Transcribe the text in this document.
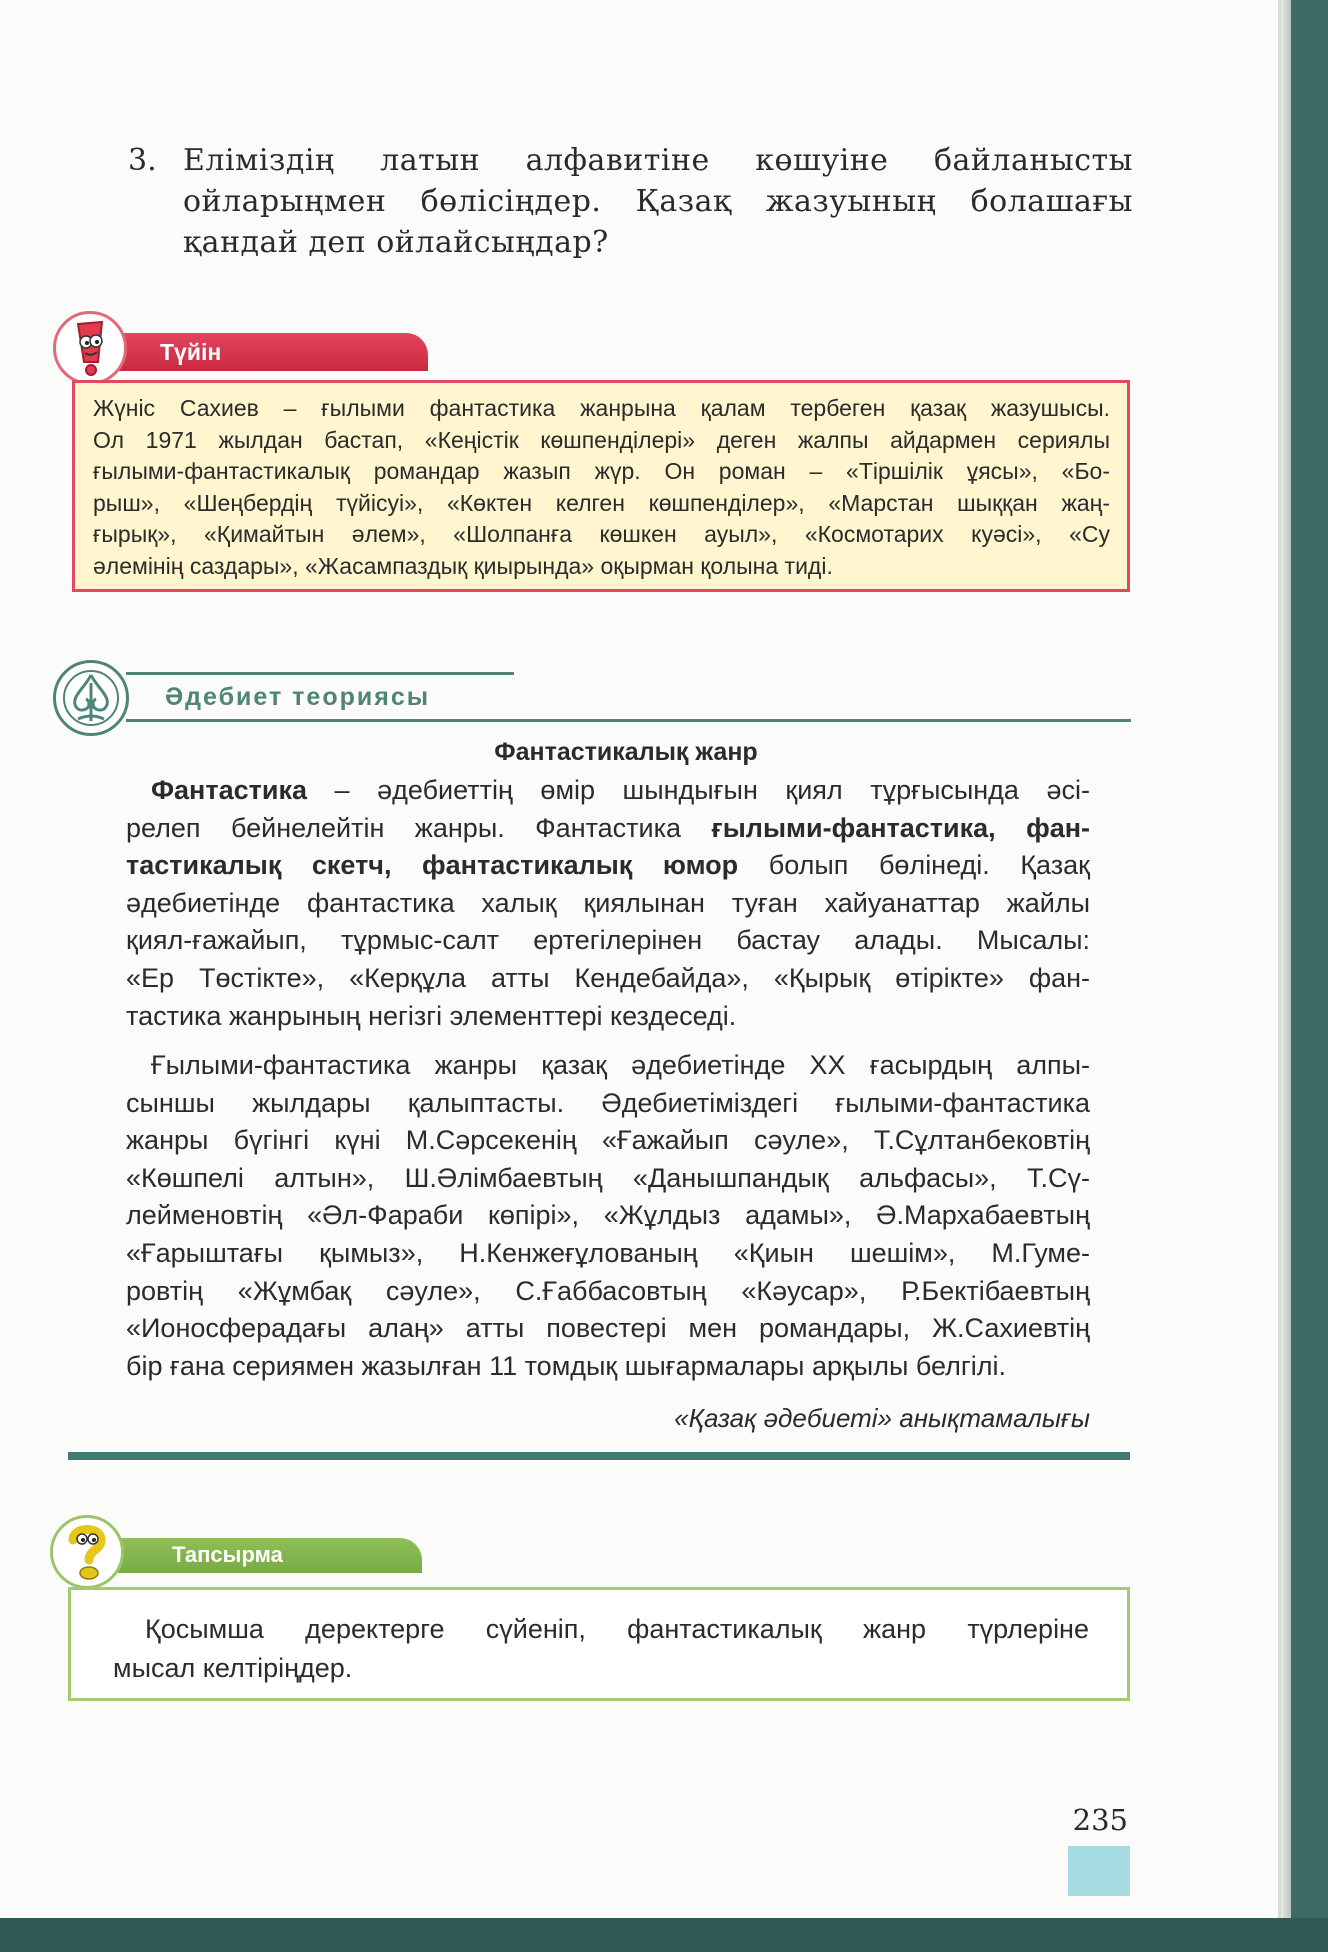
3. Еліміздің латын алфавитіне көшуіне байланысты ойларыңмен бөлісіңдер. Қазақ жазуының болашағы қандай деп ойлайсыңдар?
Түйін
Жүніс Сахиев – ғылыми фантастика жанрына қалам тербеген қазақ жазушысы.
Ол 1971 жылдан бастап, «Кеңістік көшпенділері» деген жалпы айдармен сериялы
ғылыми-фантастикалық романдар жазып жүр. Он роман – «Тіршілік ұясы», «Бо-
рыш», «Шеңбердің түйісуі», «Көктен келген көшпенділер», «Марстан шыққан жаң-
ғырық», «Қимайтын әлем», «Шолпанға көшкен ауыл», «Космотарих куәсі», «Су
әлемінің саздары», «Жасампаздық қиырында» оқырман қолына тиді.
Әдебиет теориясы
Фантастикалық жанр
Фантастика – әдебиеттің өмір шындығын қиял тұрғысында әсі-
релеп бейнелейтін жанры. Фантастика ғылыми-фантастика, фан-
тастикалық скетч, фантастикалық юмор болып бөлінеді. Қазақ
әдебиетінде фантастика халық қиялынан туған хайуанаттар жайлы
қиял-ғажайып, тұрмыс-салт ертегілерінен бастау алады. Мысалы:
«Ер Төстікте», «Керқұла атты Кендебайда», «Қырық өтірікте» фан-
тастика жанрының негізгі элементтері кездеседі.
Ғылыми-фантастика жанры қазақ әдебиетінде XX ғасырдың алпы-
сыншы жылдары қалыптасты. Әдебиетіміздегі ғылыми-фантастика
жанры бүгінгі күні М.Сәрсекенің «Ғажайып сәуле», Т.Сұлтанбековтің
«Көшпелі алтын», Ш.Әлімбаевтың «Данышпандық альфасы», Т.Сү-
лейменовтің «Әл-Фараби көпірі», «Жұлдыз адамы», Ә.Мархабаевтың
«Ғарыштағы қымыз», Н.Кенжеғұлованың «Қиын шешім», М.Гуме-
ровтің «Жұмбақ сәуле», С.Ғаббасовтың «Кәусар», Р.Бектібаевтың
«Ионосферадағы алаң» атты повестері мен романдары, Ж.Сахиевтің
бір ғана сериямен жазылған 11 томдық шығармалары арқылы белгілі.
«Қазақ әдебиеті» анықтамалығы
Тапсырма
Қосымша деректерге сүйеніп, фантастикалық жанр түрлеріне
мысал келтіріңдер.
235
